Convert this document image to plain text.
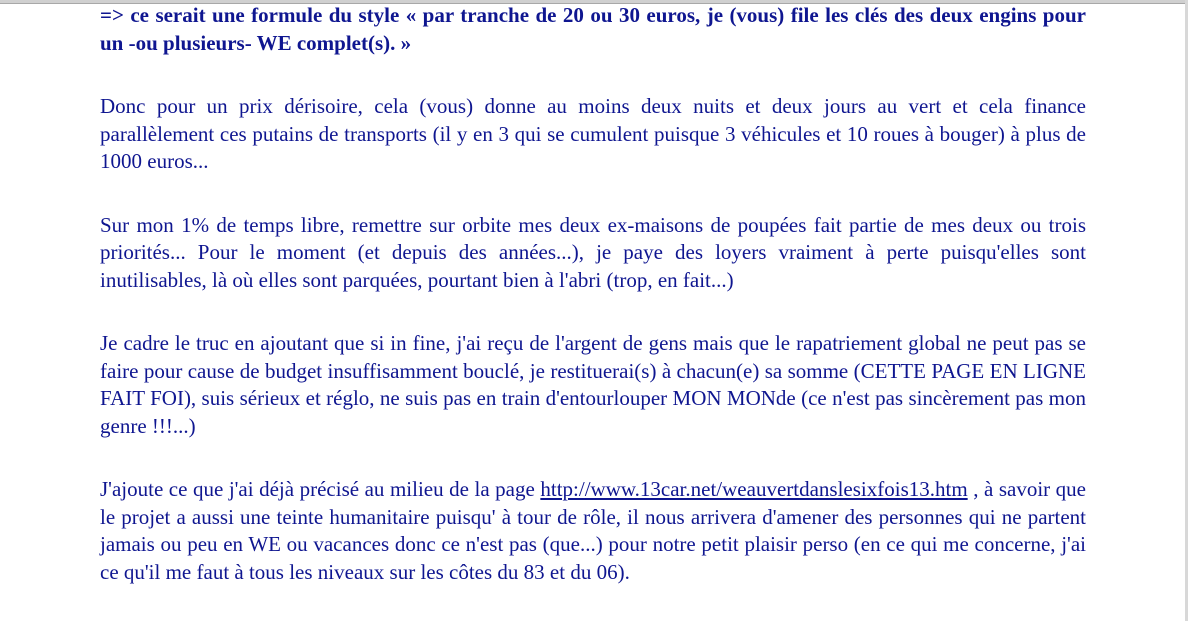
=> ce serait une formule du style « par tranche de 20 ou 30 euros, je (vous) file les clés des deux engins pour un -ou plusieurs- WE complet(s). »

Donc pour un prix dérisoire, cela (vous) donne au moins deux nuits et deux jours au vert et cela finance parallèlement ces putains de transports (il y en 3 qui se cumulent puisque 3 véhicules et 10 roues à bouger) à plus de 1000 euros...

Sur mon 1% de temps libre, remettre sur orbite mes deux ex-maisons de poupées fait partie de mes deux ou trois priorités... Pour le moment (et depuis des années...), je paye des loyers vraiment à perte puisqu'elles sont inutilisables, là où elles sont parquées, pourtant bien à l'abri (trop, en fait...)

Je cadre le truc en ajoutant que si in fine, j'ai reçu de l'argent de gens mais que le rapatriement global ne peut pas se faire pour cause de budget insuffisamment bouclé, je restituerai(s) à chacun(e) sa somme (CETTE PAGE EN LIGNE FAIT FOI), suis sérieux et réglo, ne suis pas en train d'entourlouper MON MONde (ce n'est pas sincèrement pas mon genre !!!...)

J'ajoute ce que j'ai déjà précisé au milieu de la page http://www.13car.net/weauvertdanslesixfois13.htm , à savoir que le projet a aussi une teinte humanitaire puisqu' à tour de rôle, il nous arrivera d'amener des personnes qui ne partent jamais ou peu en WE ou vacances donc ce n'est pas (que...) pour notre petit plaisir perso (en ce qui me concerne, j'ai ce qu'il me faut à tous les niveaux sur les côtes du 83 et du 06).
